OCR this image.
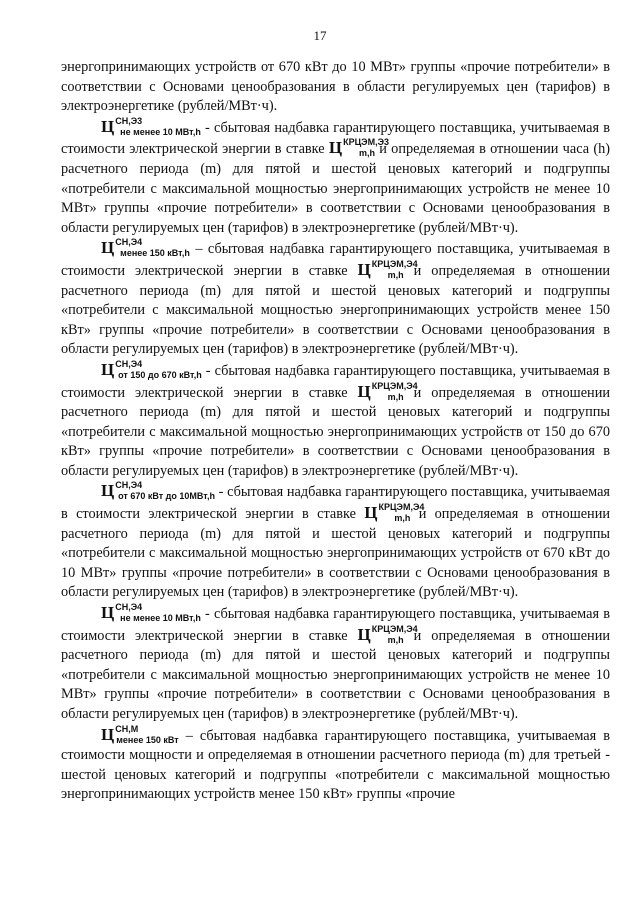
17

энергопринимающих устройств от 670 кВт до 10 МВт» группы «прочие потребители» в соответствии с Основами ценообразования в области регулируемых цен (тарифов) в электроэнергетике (рублей/МВт·ч).

$Ц^{СН,Э3}_{не менее 10 МВт,h}$ - сбытовая надбавка гарантирующего поставщика, учитываемая в стоимости электрической энергии в ставке $Ц^{КРЦЭМ,Э3}_{m,h}$ и определяемая в отношении часа (h) расчетного периода (m) для пятой и шестой ценовых категорий и подгруппы «потребители с максимальной мощностью энергопринимающих устройств не менее 10 МВт» группы «прочие потребители» в соответствии с Основами ценообразования в области регулируемых цен (тарифов) в электроэнергетике (рублей/МВт·ч).

$Ц^{СН,Э4}_{менее 150 кВт,h}$ – сбытовая надбавка гарантирующего поставщика, учитываемая в стоимости электрической энергии в ставке $Ц^{КРЦЭМ,Э4}_{m,h}$ и определяемая в отношении расчетного периода (m) для пятой и шестой ценовых категорий и подгруппы «потребители с максимальной мощностью энергопринимающих устройств менее 150 кВт» группы «прочие потребители» в соответствии с Основами ценообразования в области регулируемых цен (тарифов) в электроэнергетике (рублей/МВт·ч).

$Ц^{СН,Э4}_{от 150 до 670 кВт,h}$ - сбытовая надбавка гарантирующего поставщика, учитываемая в стоимости электрической энергии в ставке $Ц^{КРЦЭМ,Э4}_{m,h}$ и определяемая в отношении расчетного периода (m) для пятой и шестой ценовых категорий и подгруппы «потребители с максимальной мощностью энергопринимающих устройств от 150 до 670 кВт» группы «прочие потребители» в соответствии с Основами ценообразования в области регулируемых цен (тарифов) в электроэнергетике (рублей/МВт·ч).

$Ц^{СН,Э4}_{от 670 кВт до 10МВт,h}$ - сбытовая надбавка гарантирующего поставщика, учитываемая в стоимости электрической энергии в ставке $Ц^{КРЦЭМ,Э4}_{m,h}$ и определяемая в отношении расчетного периода (m) для пятой и шестой ценовых категорий и подгруппы «потребители с максимальной мощностью энергопринимающих устройств от 670 кВт до 10 МВт» группы «прочие потребители» в соответствии с Основами ценообразования в области регулируемых цен (тарифов) в электроэнергетике (рублей/МВт·ч).

$Ц^{СН,Э4}_{не менее 10 МВт,h}$ - сбытовая надбавка гарантирующего поставщика, учитываемая в стоимости электрической энергии в ставке $Ц^{КРЦЭМ,Э4}_{m,h}$ и определяемая в отношении расчетного периода (m) для пятой и шестой ценовых категорий и подгруппы «потребители с максимальной мощностью энергопринимающих устройств не менее 10 МВт» группы «прочие потребители» в соответствии с Основами ценообразования в области регулируемых цен (тарифов) в электроэнергетике (рублей/МВт·ч).

$Ц^{СН,М}_{менее 150 кВт}$ – сбытовая надбавка гарантирующего поставщика, учитываемая в стоимости мощности и определяемая в отношении расчетного периода (m) для третьей - шестой ценовых категорий и подгруппы «потребители с максимальной мощностью энергопринимающих устройств менее 150 кВт» группы «прочие
